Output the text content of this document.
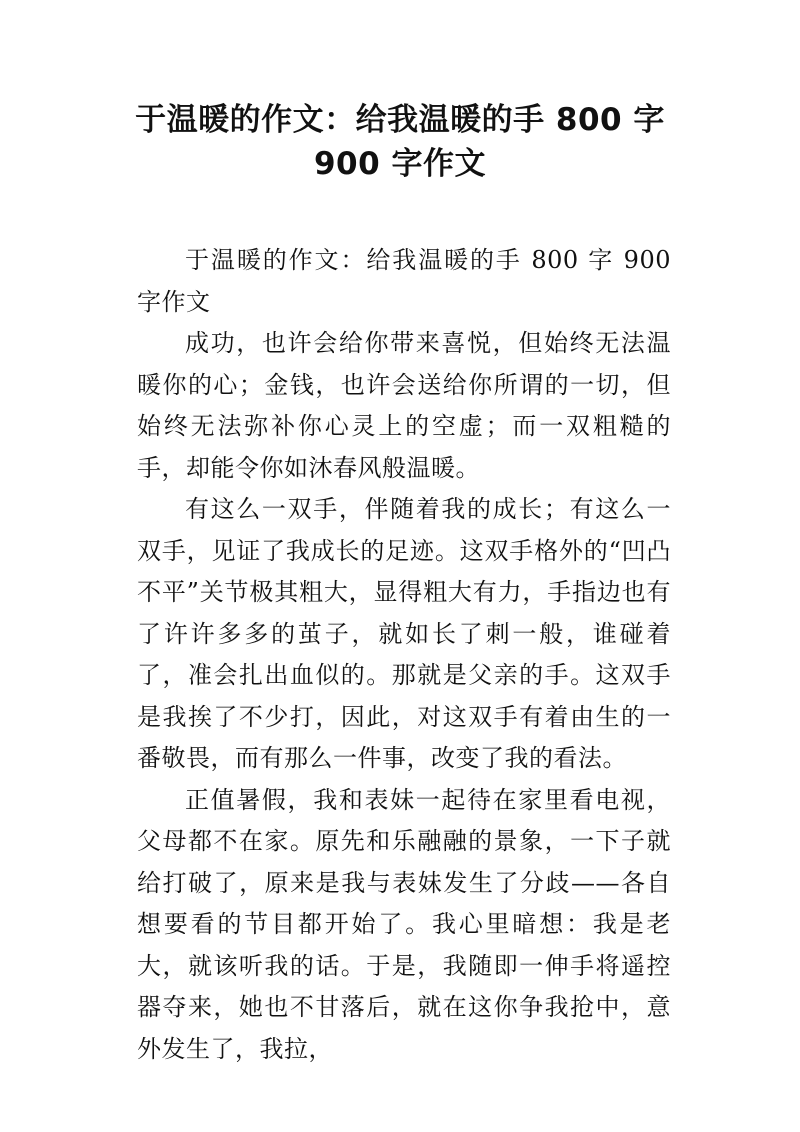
于温暖的作文：给我温暖的手 800 字
900 字作文

于温暖的作文：给我温暖的手 800 字 900 字作文

成功，也许会给你带来喜悦，但始终无法温暖你的心；金钱，也许会送给你所谓的一切，但始终无法弥补你心灵上的空虚；而一双粗糙的手，却能令你如沐春风般温暖。

有这么一双手，伴随着我的成长；有这么一双手，见证了我成长的足迹。这双手格外的“凹凸不平”关节极其粗大，显得粗大有力，手指边也有了许许多多的茧子，就如长了刺一般，谁碰着了，准会扎出血似的。那就是父亲的手。这双手是我挨了不少打，因此，对这双手有着由生的一番敬畏，而有那么一件事，改变了我的看法。

正值暑假，我和表妹一起待在家里看电视，父母都不在家。原先和乐融融的景象，一下子就给打破了，原来是我与表妹发生了分歧——各自想要看的节目都开始了。我心里暗想：我是老大，就该听我的话。于是，我随即一伸手将遥控器夺来，她也不甘落后，就在这你争我抢中，意外发生了，我拉，
